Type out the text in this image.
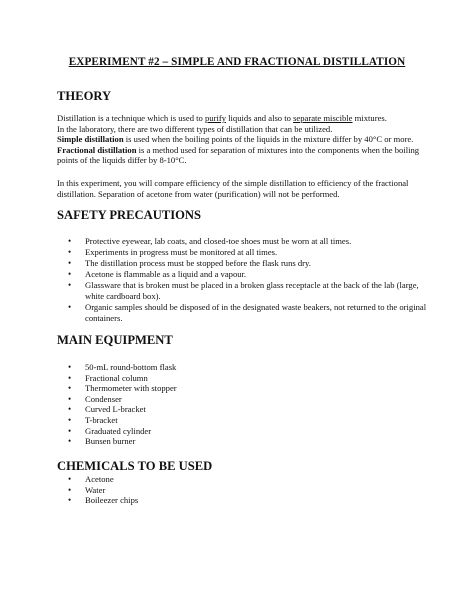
EXPERIMENT #2 – SIMPLE AND FRACTIONAL DISTILLATION
THEORY

Distillation is a technique which is used to purify liquids and also to separate miscible mixtures.
In the laboratory, there are two different types of distillation that can be utilized.
Simple distillation is used when the boiling points of the liquids in the mixture differ by 40°C or more. Fractional distillation is a method used for separation of mixtures into the components when the boiling points of the liquids differ by 8-10°C.

In this experiment, you will compare efficiency of the simple distillation to efficiency of the fractional distillation. Separation of acetone from water (purification) will not be performed.

SAFETY PRECAUTIONS
• Protective eyewear, lab coats, and closed-toe shoes must be worn at all times.
• Experiments in progress must be monitored at all times.
• The distillation process must be stopped before the flask runs dry.
• Acetone is flammable as a liquid and a vapour.
• Glassware that is broken must be placed in a broken glass receptacle at the back of the lab (large, white cardboard box).
• Organic samples should be disposed of in the designated waste beakers, not returned to the original containers.
MAIN EQUIPMENT
• 50-mL round-bottom flask
• Fractional column
• Thermometer with stopper
• Condenser
• Curved L-bracket
• T-bracket
• Graduated cylinder
• Bunsen burner
CHEMICALS TO BE USED
• Acetone
• Water
• Boileezer chips
